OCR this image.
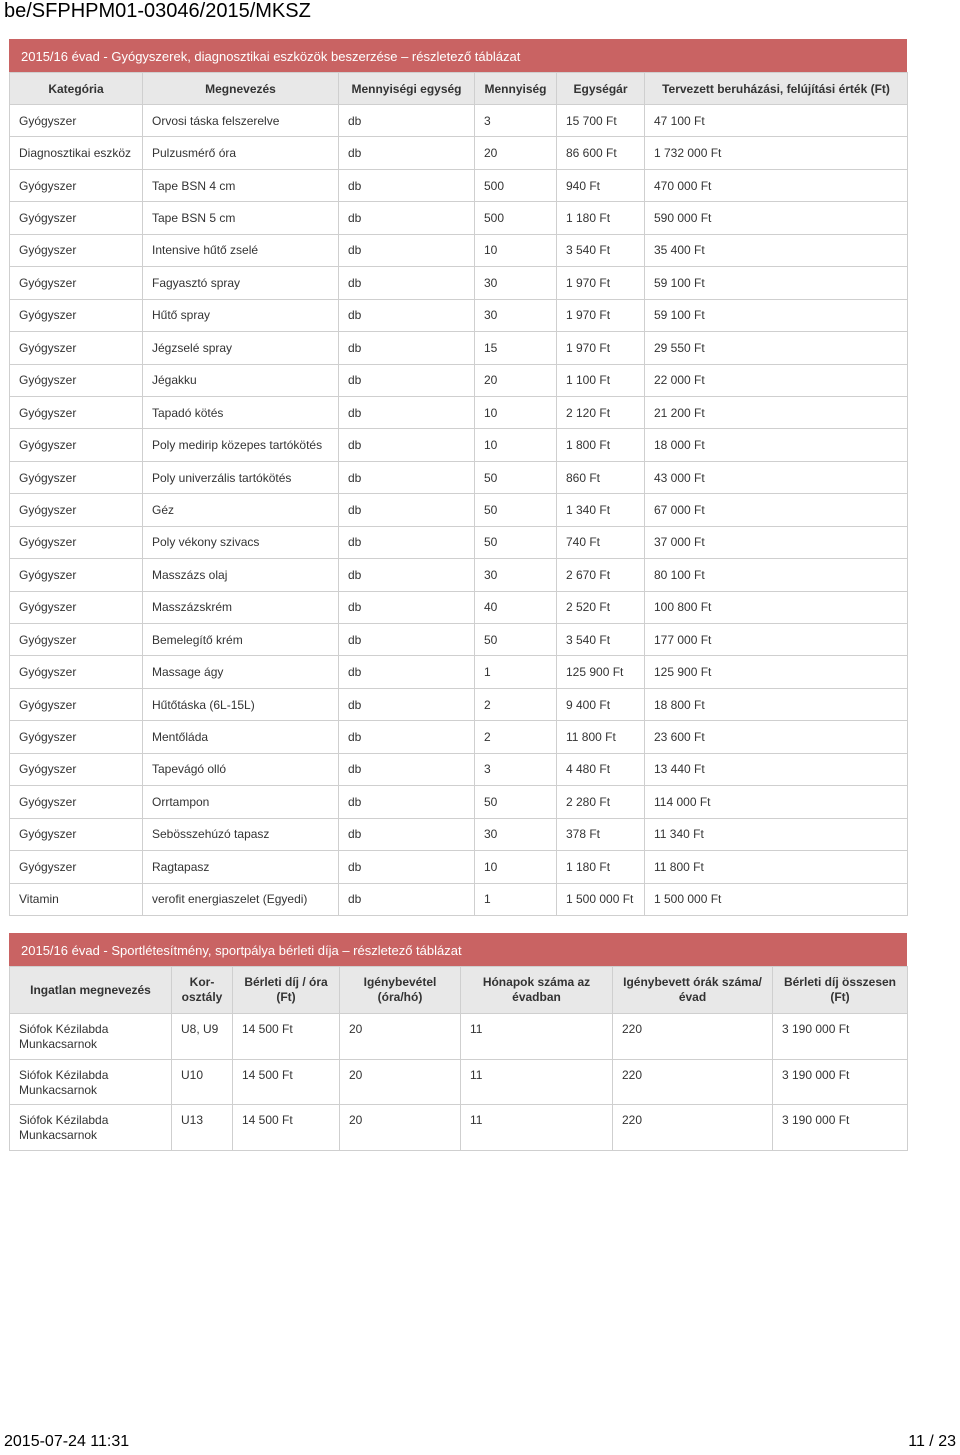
be/SFPHPM01-03046/2015/MKSZ
2015/16 évad - Gyógyszerek, diagnosztikai eszközök beszerzése – részletező táblázat
Kategória	Megnevezés	Mennyiségi egység	Mennyiség	Egységár	Tervezett beruházási, felújítási érték (Ft)
Gyógyszer	Orvosi táska felszerelve	db	3	15 700 Ft	47 100 Ft
Diagnosztikai eszköz	Pulzusmérő óra	db	20	86 600 Ft	1 732 000 Ft
Gyógyszer	Tape BSN 4 cm	db	500	940 Ft	470 000 Ft
Gyógyszer	Tape BSN 5 cm	db	500	1 180 Ft	590 000 Ft
Gyógyszer	Intensive hűtő zselé	db	10	3 540 Ft	35 400 Ft
Gyógyszer	Fagyasztó spray	db	30	1 970 Ft	59 100 Ft
Gyógyszer	Hűtő spray	db	30	1 970 Ft	59 100 Ft
Gyógyszer	Jégzselé spray	db	15	1 970 Ft	29 550 Ft
Gyógyszer	Jégakku	db	20	1 100 Ft	22 000 Ft
Gyógyszer	Tapadó kötés	db	10	2 120 Ft	21 200 Ft
Gyógyszer	Poly medirip közepes tartókötés	db	10	1 800 Ft	18 000 Ft
Gyógyszer	Poly univerzális tartókötés	db	50	860 Ft	43 000 Ft
Gyógyszer	Géz	db	50	1 340 Ft	67 000 Ft
Gyógyszer	Poly vékony szivacs	db	50	740 Ft	37 000 Ft
Gyógyszer	Masszázs olaj	db	30	2 670 Ft	80 100 Ft
Gyógyszer	Masszázskrém	db	40	2 520 Ft	100 800 Ft
Gyógyszer	Bemelegítő krém	db	50	3 540 Ft	177 000 Ft
Gyógyszer	Massage ágy	db	1	125 900 Ft	125 900 Ft
Gyógyszer	Hűtőtáska (6L-15L)	db	2	9 400 Ft	18 800 Ft
Gyógyszer	Mentőláda	db	2	11 800 Ft	23 600 Ft
Gyógyszer	Tapevágó olló	db	3	4 480 Ft	13 440 Ft
Gyógyszer	Orrtampon	db	50	2 280 Ft	114 000 Ft
Gyógyszer	Sebösszehúzó tapasz	db	30	378 Ft	11 340 Ft
Gyógyszer	Ragtapasz	db	10	1 180 Ft	11 800 Ft
Vitamin	verofit energiaszelet (Egyedi)	db	1	1 500 000 Ft	1 500 000 Ft
2015/16 évad - Sportlétesítmény, sportpálya bérleti díja – részletező táblázat
Ingatlan megnevezés	Kor-osztály	Bérleti díj / óra (Ft)	Igénybevétel (óra/hó)	Hónapok száma az évadban	Igénybevett órák száma/évad	Bérleti díj összesen (Ft)
Siófok Kézilabda Munkacsarnok	U8, U9	14 500 Ft	20	11	220	3 190 000 Ft
Siófok Kézilabda Munkacsarnok	U10	14 500 Ft	20	11	220	3 190 000 Ft
Siófok Kézilabda Munkacsarnok	U13	14 500 Ft	20	11	220	3 190 000 Ft
2015-07-24 11:31	11 / 23
